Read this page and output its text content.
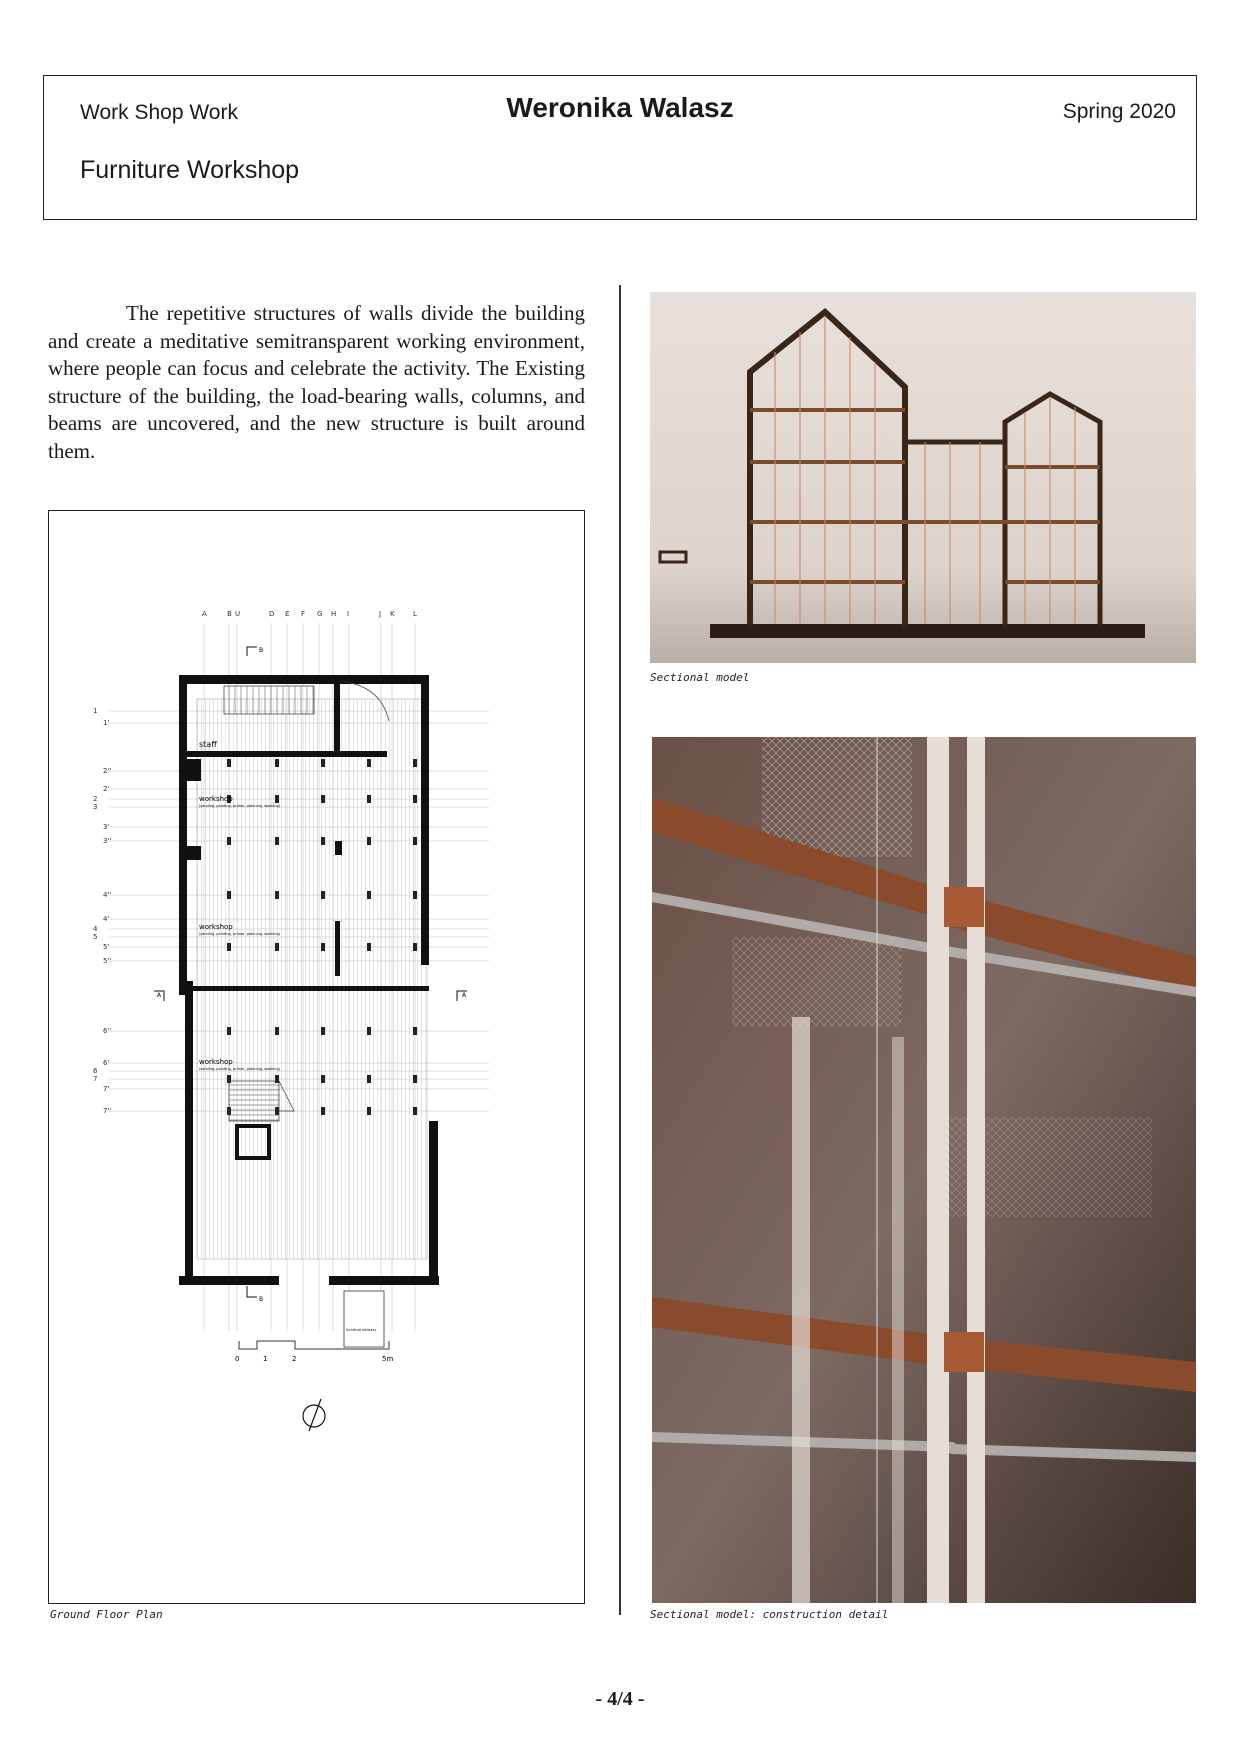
Work Shop Work
Furniture Workshop
Weronika Walasz	Spring 2020

The repetitive structures of walls divide the building and create a meditative semitransparent working environment, where people can focus and celebrate the activity. The Existing structure of the building, the load-bearing walls, columns, and beams are uncovered, and the new structure is built around them.

A	B U	D E F G H I	J K	L
1
1'
2''
2'
2
3
3'
3''
4''
4'
4
5
5'
5''
6''
6'
6
7
7'
7''
staff
workshop
(sanding, painting, primer, planning, washing)
workshop
(sanding, painting, primer, planning, washing)
workshop
(sanding, painting, primer, planning, washing)
B
B
A	A
furniture delivery
0	1	2	5m
Ground Floor Plan
Sectional model
Sectional model: construction detail
- 4/4 -
